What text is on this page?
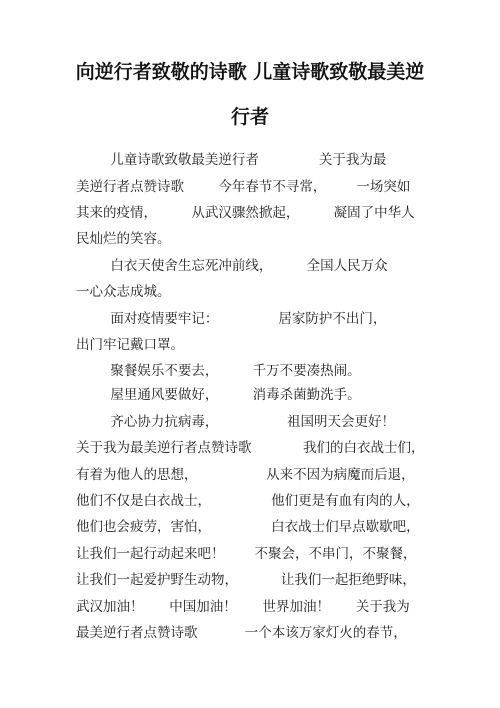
向逆行者致敬的诗歌 儿童诗歌致敬最美逆
行者
儿童诗歌致敬最美逆行者              关于我为最
美逆行者点赞诗歌        今年春节不寻常，       一场突如
其来的疫情，        从武汉骤然掀起，        凝固了中华人
民灿烂的笑容。
白衣天使舍生忘死冲前线，        全国人民万众
一心众志成城。
面对疫情要牢记：              居家防护不出门，
出门牢记戴口罩。
聚餐娱乐不要去，        千万不要凑热闹。
屋里通风要做好，        消毒杀菌勤洗手。
齐心协力抗病毒，                祖国明天会更好！
关于我为最美逆行者点赞诗歌            我们的白衣战士们，
有着为他人的思想，                从来不因为病魔而后退，
他们不仅是白衣战士，              他们更是有血有肉的人，
他们也会疲劳，害怕，              白衣战士们早点歇歇吧，
让我们一起行动起来吧！       不聚会，不串门，不聚餐，
让我们一起爱护野生动物，          让我们一起拒绝野味，
武汉加油！      中国加油！      世界加油！      关于我为
最美逆行者点赞诗歌           一个本该万家灯火的春节，
